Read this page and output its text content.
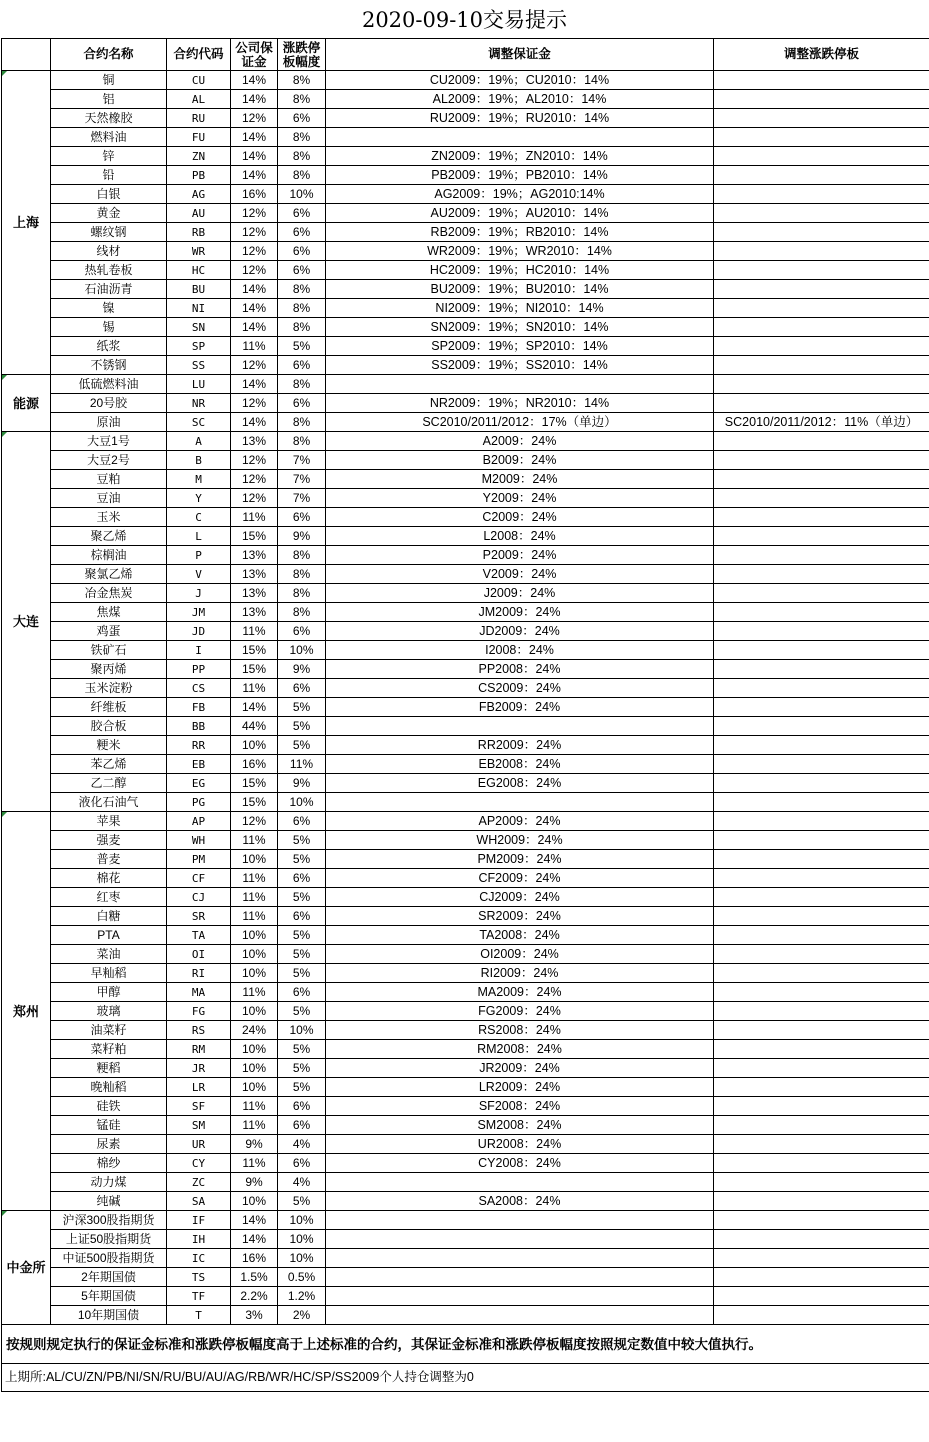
2020-09-10交易提示
	合约名称	合约代码	公司保证金	涨跌停板幅度	调整保证金	调整涨跌停板
上海	铜	CU	14%	8%	CU2009：19%；CU2010：14%	
	铝	AL	14%	8%	AL2009：19%；AL2010：14%	
	天然橡胶	RU	12%	6%	RU2009：19%；RU2010：14%	
	燃料油	FU	14%	8%		
	锌	ZN	14%	8%	ZN2009：19%；ZN2010：14%	
	铅	PB	14%	8%	PB2009：19%；PB2010：14%	
	白银	AG	16%	10%	AG2009：19%；AG2010:14%	
	黄金	AU	12%	6%	AU2009：19%；AU2010：14%	
	螺纹钢	RB	12%	6%	RB2009：19%；RB2010：14%	
	线材	WR	12%	6%	WR2009：19%；WR2010：14%	
	热轧卷板	HC	12%	6%	HC2009：19%；HC2010：14%	
	石油沥青	BU	14%	8%	BU2009：19%；BU2010：14%	
	镍	NI	14%	8%	NI2009：19%；NI2010：14%	
	锡	SN	14%	8%	SN2009：19%；SN2010：14%	
	纸浆	SP	11%	5%	SP2009：19%；SP2010：14%	
	不锈钢	SS	12%	6%	SS2009：19%；SS2010：14%	
能源	低硫燃料油	LU	14%	8%		
	20号胶	NR	12%	6%	NR2009：19%；NR2010：14%	
	原油	SC	14%	8%	SC2010/2011/2012：17%（单边）	SC2010/2011/2012：11%（单边）
大连	大豆1号	A	13%	8%	A2009：24%	
	大豆2号	B	12%	7%	B2009：24%	
	豆粕	M	12%	7%	M2009：24%	
	豆油	Y	12%	7%	Y2009：24%	
	玉米	C	11%	6%	C2009：24%	
	聚乙烯	L	15%	9%	L2008：24%	
	棕榈油	P	13%	8%	P2009：24%	
	聚氯乙烯	V	13%	8%	V2009：24%	
	冶金焦炭	J	13%	8%	J2009：24%	
	焦煤	JM	13%	8%	JM2009：24%	
	鸡蛋	JD	11%	6%	JD2009：24%	
	铁矿石	I	15%	10%	I2008：24%	
	聚丙烯	PP	15%	9%	PP2008：24%	
	玉米淀粉	CS	11%	6%	CS2009：24%	
	纤维板	FB	14%	5%	FB2009：24%	
	胶合板	BB	44%	5%		
	粳米	RR	10%	5%	RR2009：24%	
	苯乙烯	EB	16%	11%	EB2008：24%	
	乙二醇	EG	15%	9%	EG2008：24%	
	液化石油气	PG	15%	10%		
郑州	苹果	AP	12%	6%	AP2009：24%	
	强麦	WH	11%	5%	WH2009：24%	
	普麦	PM	10%	5%	PM2009：24%	
	棉花	CF	11%	6%	CF2009：24%	
	红枣	CJ	11%	5%	CJ2009：24%	
	白糖	SR	11%	6%	SR2009：24%	
	PTA	TA	10%	5%	TA2008：24%	
	菜油	OI	10%	5%	OI2009：24%	
	早籼稻	RI	10%	5%	RI2009：24%	
	甲醇	MA	11%	6%	MA2009：24%	
	玻璃	FG	10%	5%	FG2009：24%	
	油菜籽	RS	24%	10%	RS2008：24%	
	菜籽粕	RM	10%	5%	RM2008：24%	
	粳稻	JR	10%	5%	JR2009：24%	
	晚籼稻	LR	10%	5%	LR2009：24%	
	硅铁	SF	11%	6%	SF2008：24%	
	锰硅	SM	11%	6%	SM2008：24%	
	尿素	UR	9%	4%	UR2008：24%	
	棉纱	CY	11%	6%	CY2008：24%	
	动力煤	ZC	9%	4%		
	纯碱	SA	10%	5%	SA2008：24%	
中金所	沪深300股指期货	IF	14%	10%		
	上证50股指期货	IH	14%	10%		
	中证500股指期货	IC	16%	10%		
	2年期国债	TS	1.5%	0.5%		
	5年期国债	TF	2.2%	1.2%		
	10年期国债	T	3%	2%		
按规则规定执行的保证金标准和涨跌停板幅度高于上述标准的合约，其保证金标准和涨跌停板幅度按照规定数值中较大值执行。						
上期所:AL/CU/ZN/PB/NI/SN/RU/BU/AU/AG/RB/WR/HC/SP/SS2009个人持仓调整为0						
